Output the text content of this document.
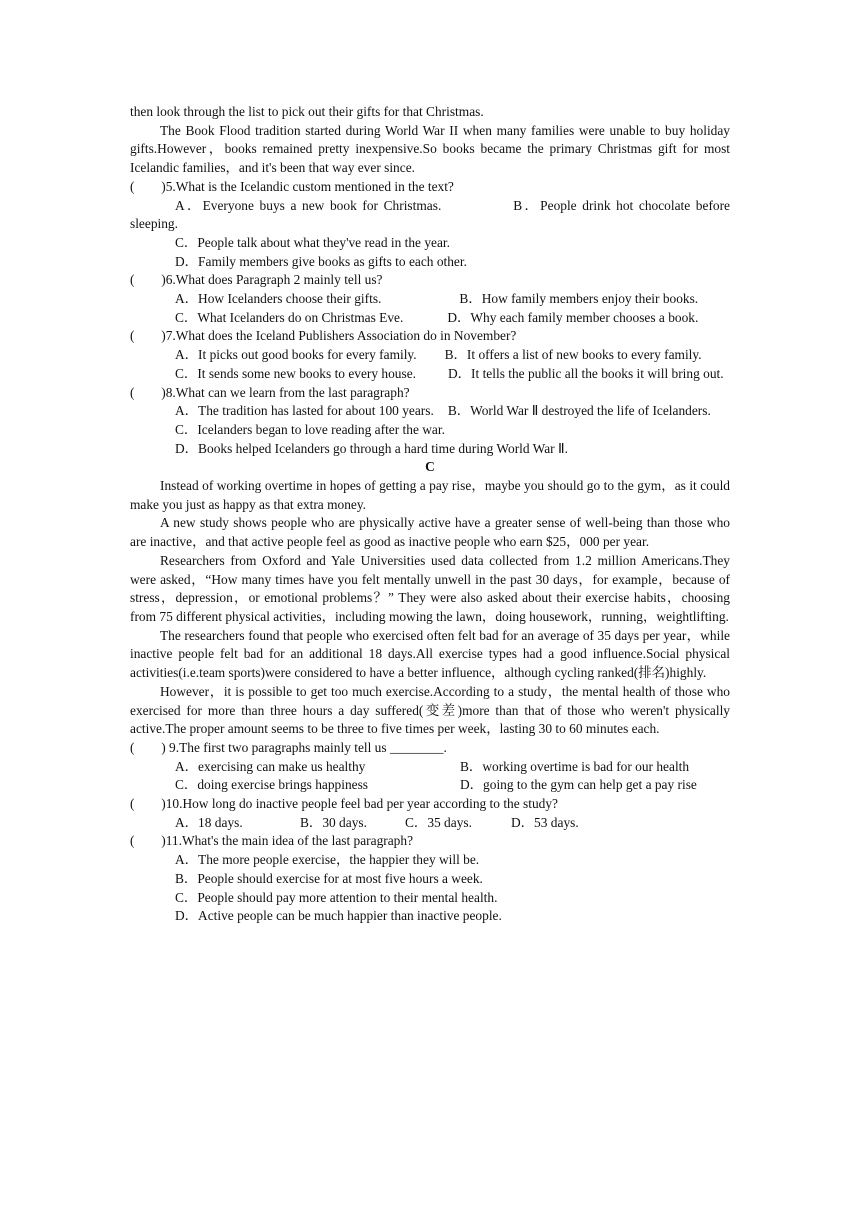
then look through the list to pick out their gifts for that Christmas.

The Book Flood tradition started during World War II when many families were unable to buy holiday gifts.However，books remained pretty inexpensive.So books became the primary Christmas gift for most Icelandic families，and it's been that way ever since.

(  )5.What is the Icelandic custom mentioned in the text?

A．Everyone buys a new book for Christmas.	B．People drink hot chocolate before sleeping.

C．People talk about what they've read in the year.

D．Family members give books as gifts to each other.

(  )6.What does Paragraph 2 mainly tell us?

A．How Icelanders choose their gifts.	B．How family members enjoy their books.

C．What Icelanders do on Christmas Eve.	D．Why each family member chooses a book.

(  )7.What does the Iceland Publishers Association do in November?

A．It picks out good books for every family. B．It offers a list of new books to every family.

C．It sends some new books to every house. D．It tells the public all the books it will bring out.

(  )8.What can we learn from the last paragraph?

A．The tradition has lasted for about 100 years. B．World War Ⅱ destroyed the life of Icelanders.

C．Icelanders began to love reading after the war.

D．Books helped Icelanders go through a hard time during World War Ⅱ.

C

Instead of working overtime in hopes of getting a pay rise，maybe you should go to the gym，as it could make you just as happy as that extra money.

A new study shows people who are physically active have a greater sense of well-being than those who are inactive，and that active people feel as good as inactive people who earn $25，000 per year.

Researchers from Oxford and Yale Universities used data collected from 1.2 million Americans.They were asked，“How many times have you felt mentally unwell in the past 30 days，for example，because of stress，depression，or emotional problems？” They were also asked about their exercise habits，choosing from 75 different physical activities，including mowing the lawn，doing housework，running，weightlifting.

The researchers found that people who exercised often felt bad for an average of 35 days per year，while inactive people felt bad for an additional 18 days.All exercise types had a good influence.Social physical activities(i.e.team sports)were considered to have a better influence，although cycling ranked(排名)highly.

However，it is possible to get too much exercise.According to a study，the mental health of those who exercised for more than three hours a day suffered(变差)more than that of those who weren't physically active.The proper amount seems to be three to five times per week，lasting 30 to 60 minutes each.

(  ) 9.The first two paragraphs mainly tell us ________.

A．exercising can make us healthy	B．working overtime is bad for our health
C．doing exercise brings happiness	D．going to the gym can help get a pay rise

(  )10.How long do inactive people feel bad per year according to the study?

A．18 days.	B．30 days.	C．35 days.	D．53 days.

(  )11.What's the main idea of the last paragraph?

A．The more people exercise，the happier they will be.

B．People should exercise for at most five hours a week.

C．People should pay more attention to their mental health.

D．Active people can be much happier than inactive people.
